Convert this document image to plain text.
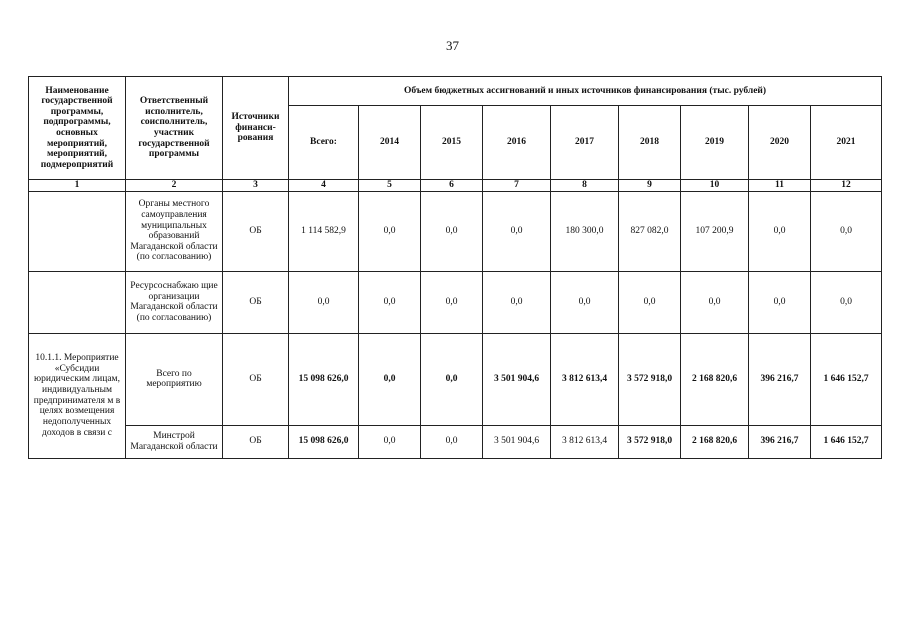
37
Наименование государственной программы, подпрограммы, основных мероприятий, мероприятий, подмероприятий	Ответственный исполнитель, соисполнитель, участник государственной программы	Источники финанси-рования	Объем бюджетных ассигнований и иных источников финансирования (тыс. рублей)								
			Всего:	2014	2015	2016	2017	2018	2019	2020	2021
1	2	3	4	5	6	7	8	9	10	11	12
	Органы местного самоуправления муниципальных образований Магаданской области (по согласованию)	ОБ	1 114 582,9	0,0	0,0	0,0	180 300,0	827 082,0	107 200,9	0,0	0,0
	Ресурсоснабжаю щие организации Магаданской области (по согласованию)	ОБ	0,0	0,0	0,0	0,0	0,0	0,0	0,0	0,0	0,0
10.1.1. Мероприятие «Субсидии юридическим лицам, индивидуальным предпринимателя м в целях возмещения недополученных доходов в связи с	Всего по мероприятию	ОБ	15 098 626,0	0,0	0,0	3 501 904,6	3 812 613,4	3 572 918,0	2 168 820,6	396 216,7	1 646 152,7
	Минстрой Магаданской области	ОБ	15 098 626,0	0,0	0,0	3 501 904,6	3 812 613,4	3 572 918,0	2 168 820,6	396 216,7	1 646 152,7
